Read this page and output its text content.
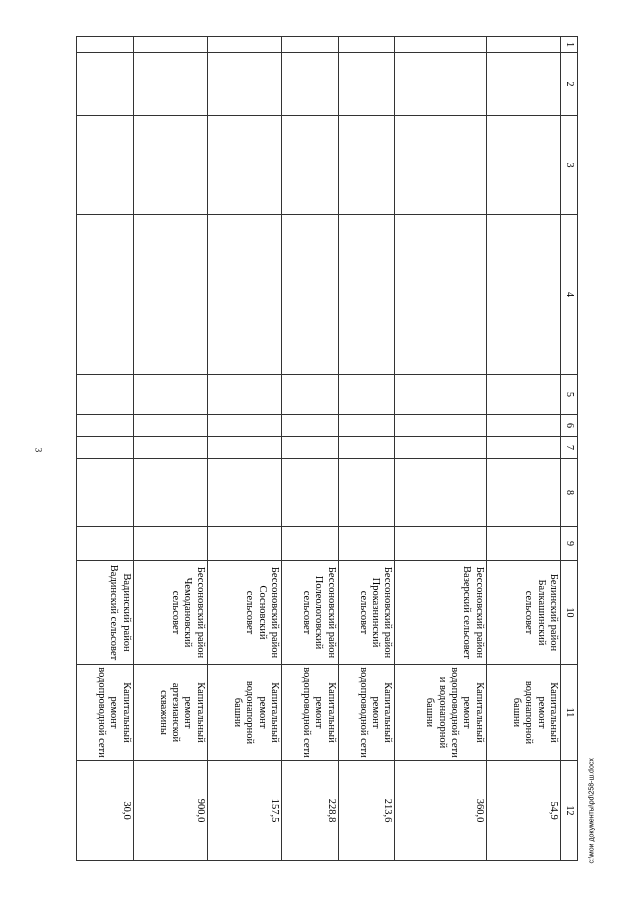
3
1	2	3	4	5	6	7	8	9	10	11	12
									Белинский район Балкашинский сельсовет	Капитальный ремонт водонапорной башни	54,9
									Бессоновский район Вазерский сельсовет	Капитальный ремонт водопроводной сети и водонапорной башни	360,0
									Бессоновский район Проказнинский сельсовет	Капитальный ремонт водопроводной сети	213,6
									Бессоновский район Полеологовский сельсовет	Капитальный ремонт водопроводной сети	228,8
									Бессоновский район Сосновский сельсовет	Капитальный ремонт водонапорной башни	157,5
									Бессоновский район Чемодановский сельсовет	Капитальный ремонт артезианской скважины	900,0
									Вадинский район Вадинский сельсовет	Капитальный ремонт водопроводной сети	30,0	c:\мои документы\pd\258-ш.docx
